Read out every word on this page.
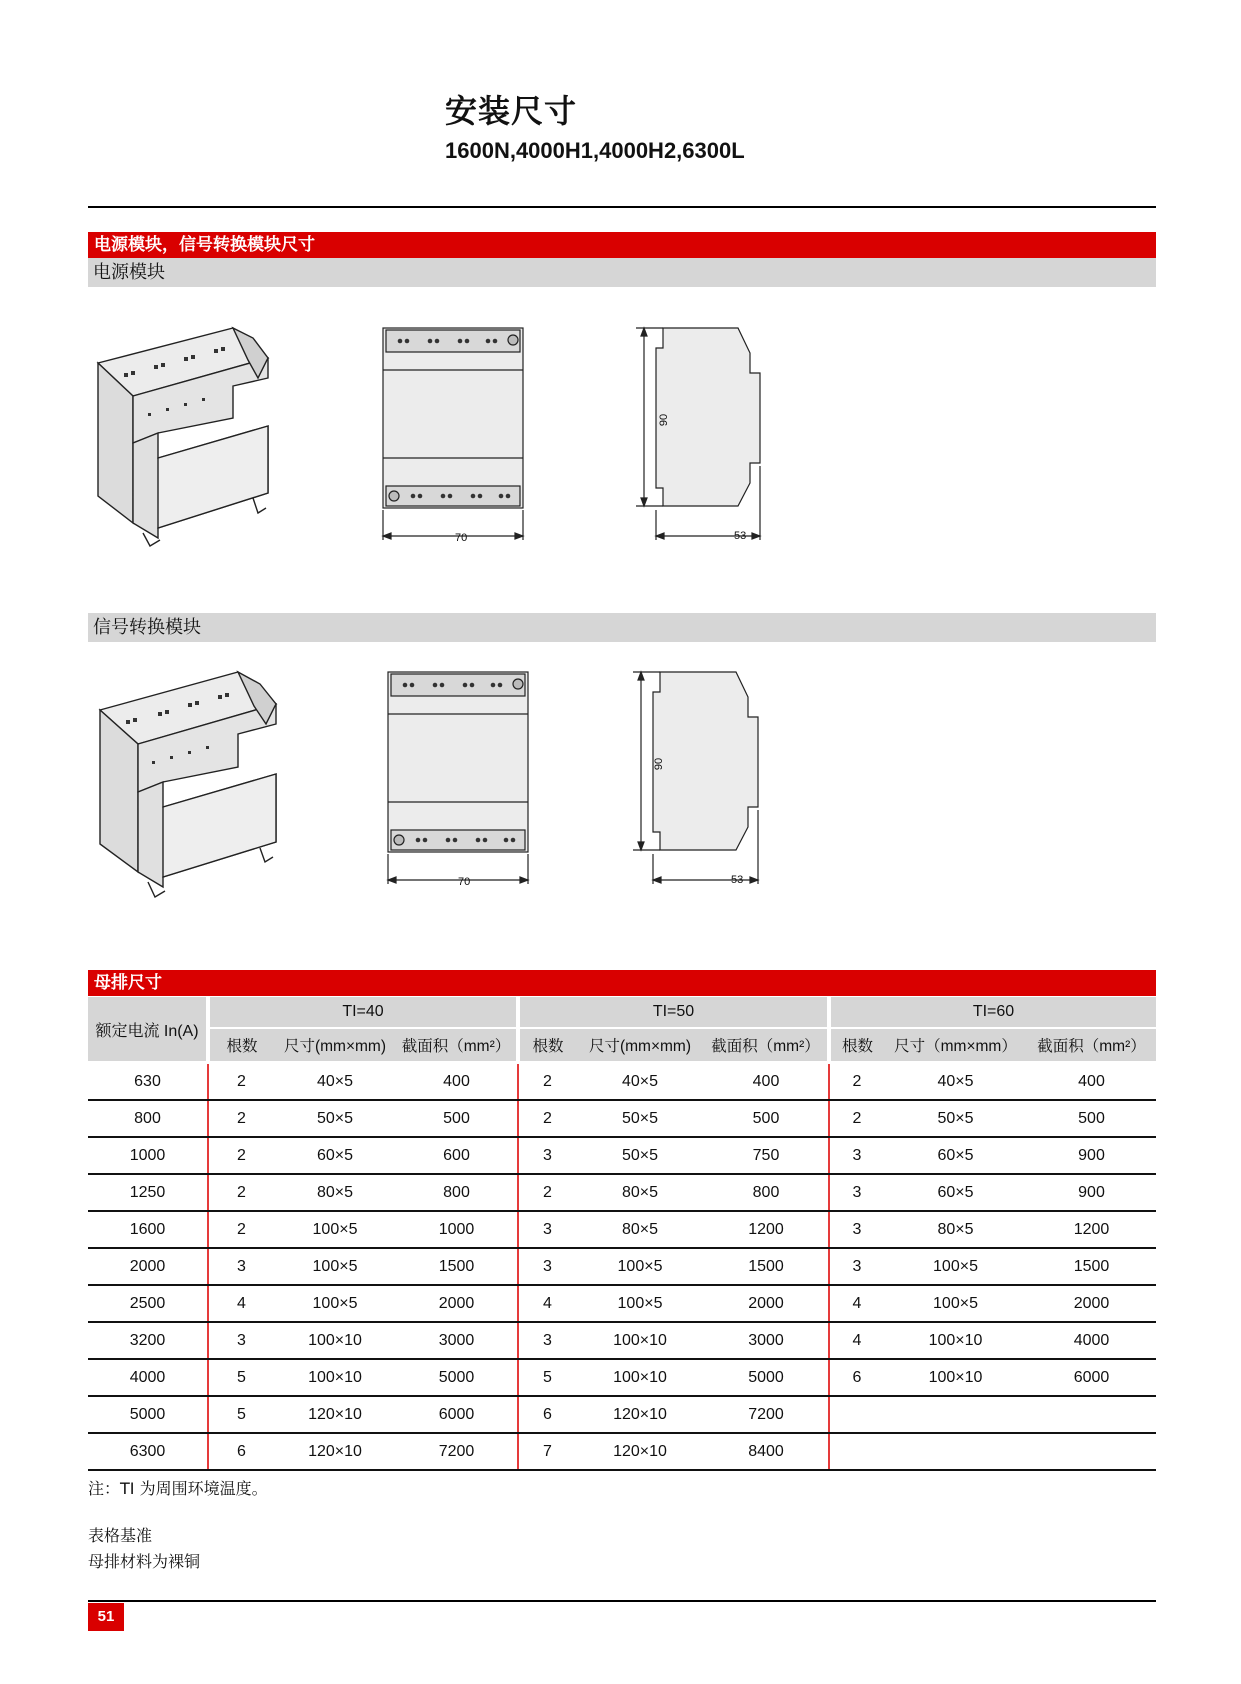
安装尺寸
1600N,4000H1,4000H2,6300L
电源模块，信号转换模块尺寸
电源模块
70
90
53
信号转换模块
70
90
53
母排尺寸
额定电流 In(A)	TI=40			TI=50			TI=60		
	根数	尺寸(mm×mm)	截面积（mm²）	根数	尺寸(mm×mm)	截面积（mm²）	根数	尺寸（mm×mm）	截面积（mm²）
630	2	40×5	400	2	40×5	400	2	40×5	400
800	2	50×5	500	2	50×5	500	2	50×5	500
1000	2	60×5	600	3	50×5	750	3	60×5	900
1250	2	80×5	800	2	80×5	800	3	60×5	900
1600	2	100×5	1000	3	80×5	1200	3	80×5	1200
2000	3	100×5	1500	3	100×5	1500	3	100×5	1500
2500	4	100×5	2000	4	100×5	2000	4	100×5	2000
3200	3	100×10	3000	3	100×10	3000	4	100×10	4000
4000	5	100×10	5000	5	100×10	5000	6	100×10	6000
5000	5	120×10	6000	6	120×10	7200			
6300	6	120×10	7200	7	120×10	8400			
注：TI 为周围环境温度。
表格基准
母排材料为裸铜
51
